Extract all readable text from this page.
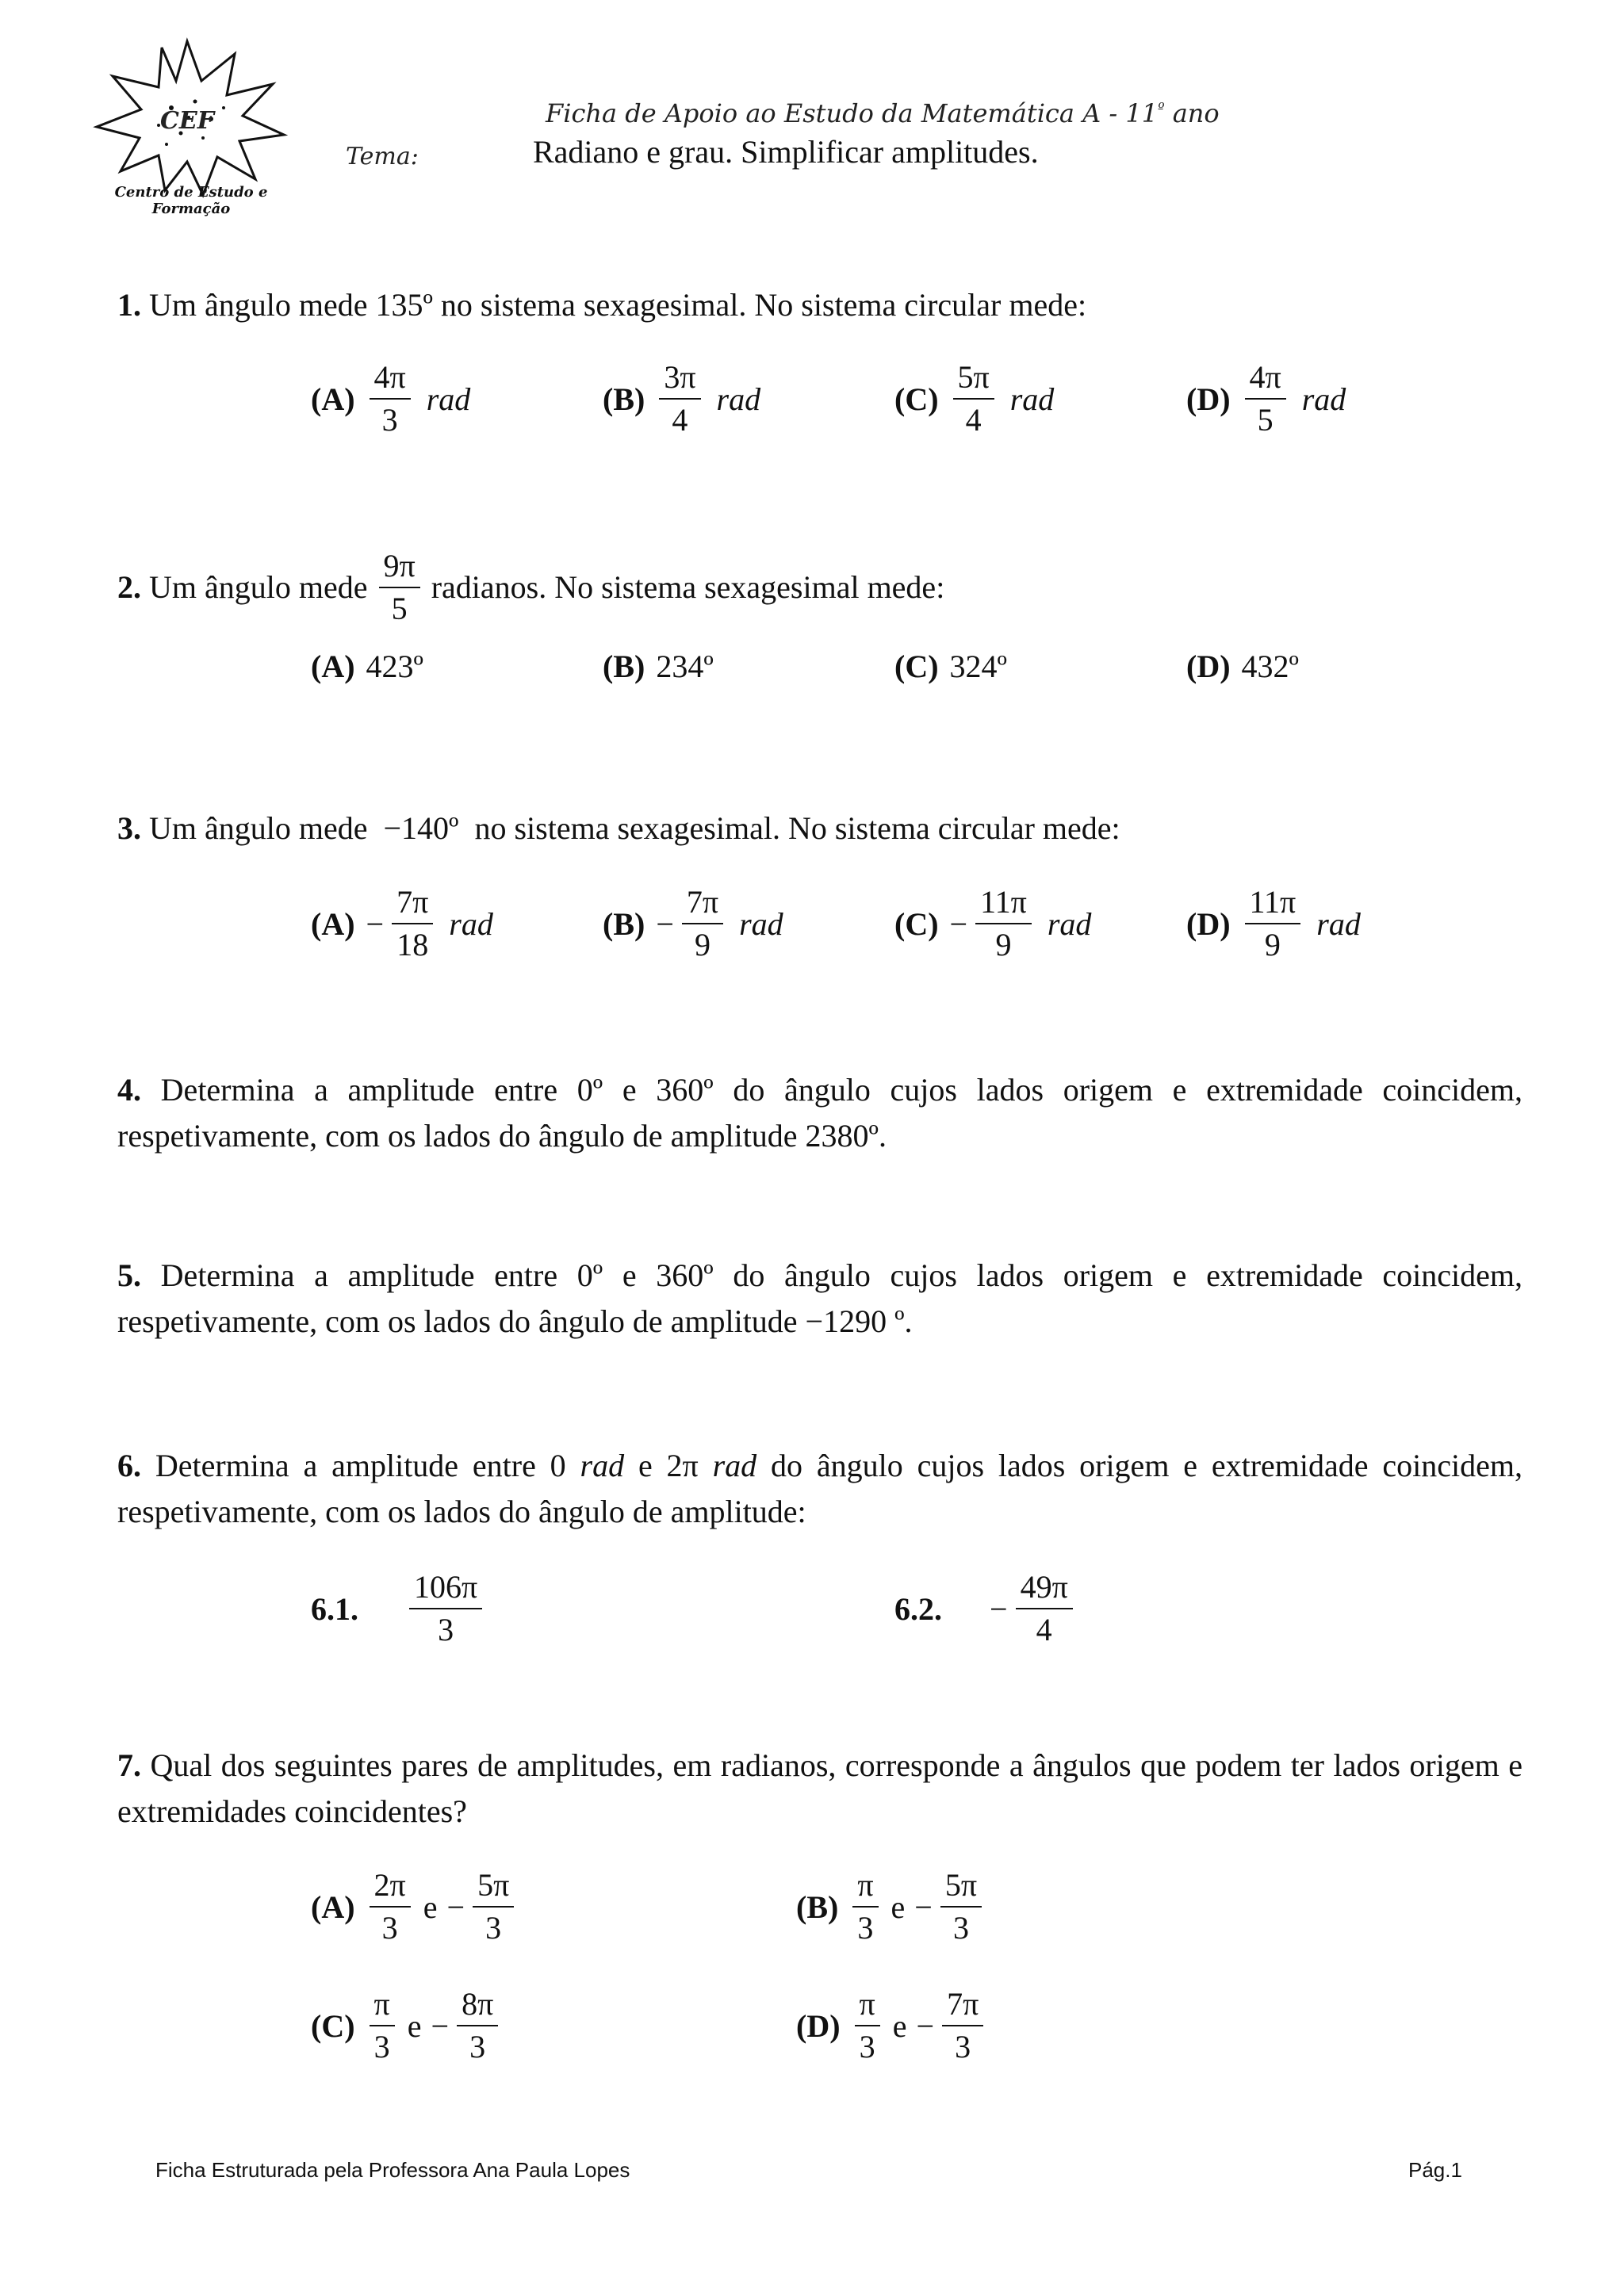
CEF
Centro de Estudo e Formação
Ficha de Apoio ao Estudo da Matemática A - $11^º$ ano
Tema:	Radiano e grau. Simplificar amplitudes.
1. Um ângulo mede 135º no sistema sexagesimal. No sistema circular mede:
$(A) \frac{4\pi}{3}$ rad	$(B) \frac{3\pi}{4}$ rad	$(C) \frac{5\pi}{4}$ rad	$(D) \frac{4\pi}{5}$ rad
2.
Um ângulo mede $\frac{9\pi}{5}$ radianos. No sistema sexagesimal mede:
(A) 423º	(B) 234º	(C) 324º	(D) 432º
3. Um ângulo mede −140º no sistema sexagesimal. No sistema circular mede:
$(A) - \frac{7\pi}{18}$ rad	$(B) - \frac{7\pi}{9}$ rad	$(C) - \frac{11\pi}{9}$ rad	$(D) \frac{11\pi}{9}$ rad
4. Determina a amplitude entre 0º e 360º do ângulo cujos lados origem e extremidade coincidem, respetivamente, com os lados do ângulo de amplitude 2380º.
5. Determina a amplitude entre 0º e 360º do ângulo cujos lados origem e extremidade coincidem, respetivamente, com os lados do ângulo de amplitude −1290 º.
6. Determina a amplitude entre 0 rad e 2π rad do ângulo cujos lados origem e extremidade coincidem, respetivamente, com os lados do ângulo de amplitude:
6.1. $\frac{106\pi}{3}$	6.2. − $\frac{49\pi}{4}$
7. Qual dos seguintes pares de amplitudes, em radianos, corresponde a ângulos que podem ter lados origem e extremidades coincidentes?
$(A) \frac{2\pi}{3}$ $e - \frac{5\pi}{3}$	$(B) \frac{\pi}{3}$ $e - \frac{5\pi}{3}$
$(C) \frac{\pi}{3}$ $e - \frac{8\pi}{3}$	$(D) \frac{\pi}{3}$ $e - \frac{7\pi}{3}$
Ficha Estruturada pela Professora Ana Paula Lopes	Pág.1
